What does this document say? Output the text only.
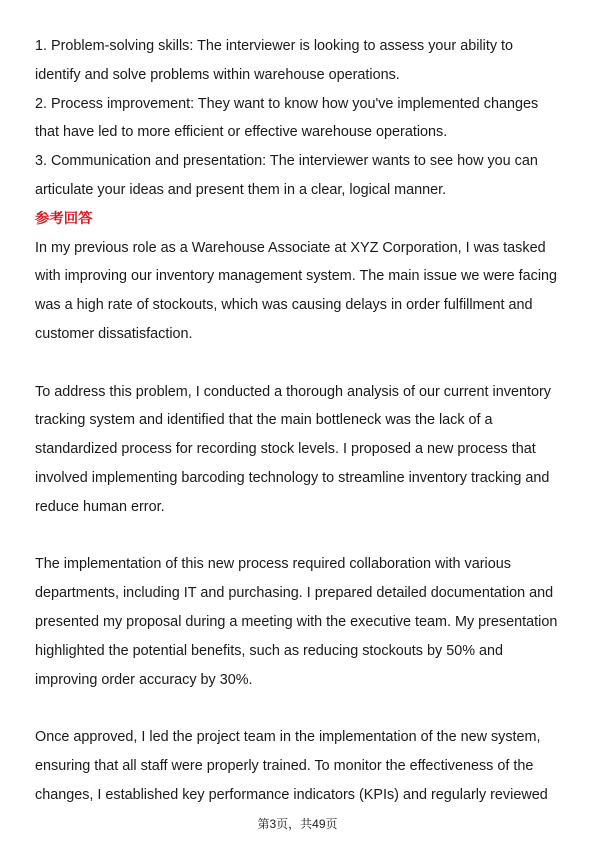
1. Problem-solving skills: The interviewer is looking to assess your ability to
identify and solve problems within warehouse operations.
2. Process improvement: They want to know how you've implemented changes
that have led to more efficient or effective warehouse operations.
3. Communication and presentation: The interviewer wants to see how you can
articulate your ideas and present them in a clear, logical manner.
参考回答
In my previous role as a Warehouse Associate at XYZ Corporation, I was tasked
with improving our inventory management system. The main issue we were facing
was a high rate of stockouts, which was causing delays in order fulfillment and
customer dissatisfaction.
To address this problem, I conducted a thorough analysis of our current inventory
tracking system and identified that the main bottleneck was the lack of a
standardized process for recording stock levels. I proposed a new process that
involved implementing barcoding technology to streamline inventory tracking and
reduce human error.
The implementation of this new process required collaboration with various
departments, including IT and purchasing. I prepared detailed documentation and
presented my proposal during a meeting with the executive team. My presentation
highlighted the potential benefits, such as reducing stockouts by 50% and
improving order accuracy by 30%.
Once approved, I led the project team in the implementation of the new system,
ensuring that all staff were properly trained. To monitor the effectiveness of the
changes, I established key performance indicators (KPIs) and regularly reviewed
第3页，共49页
